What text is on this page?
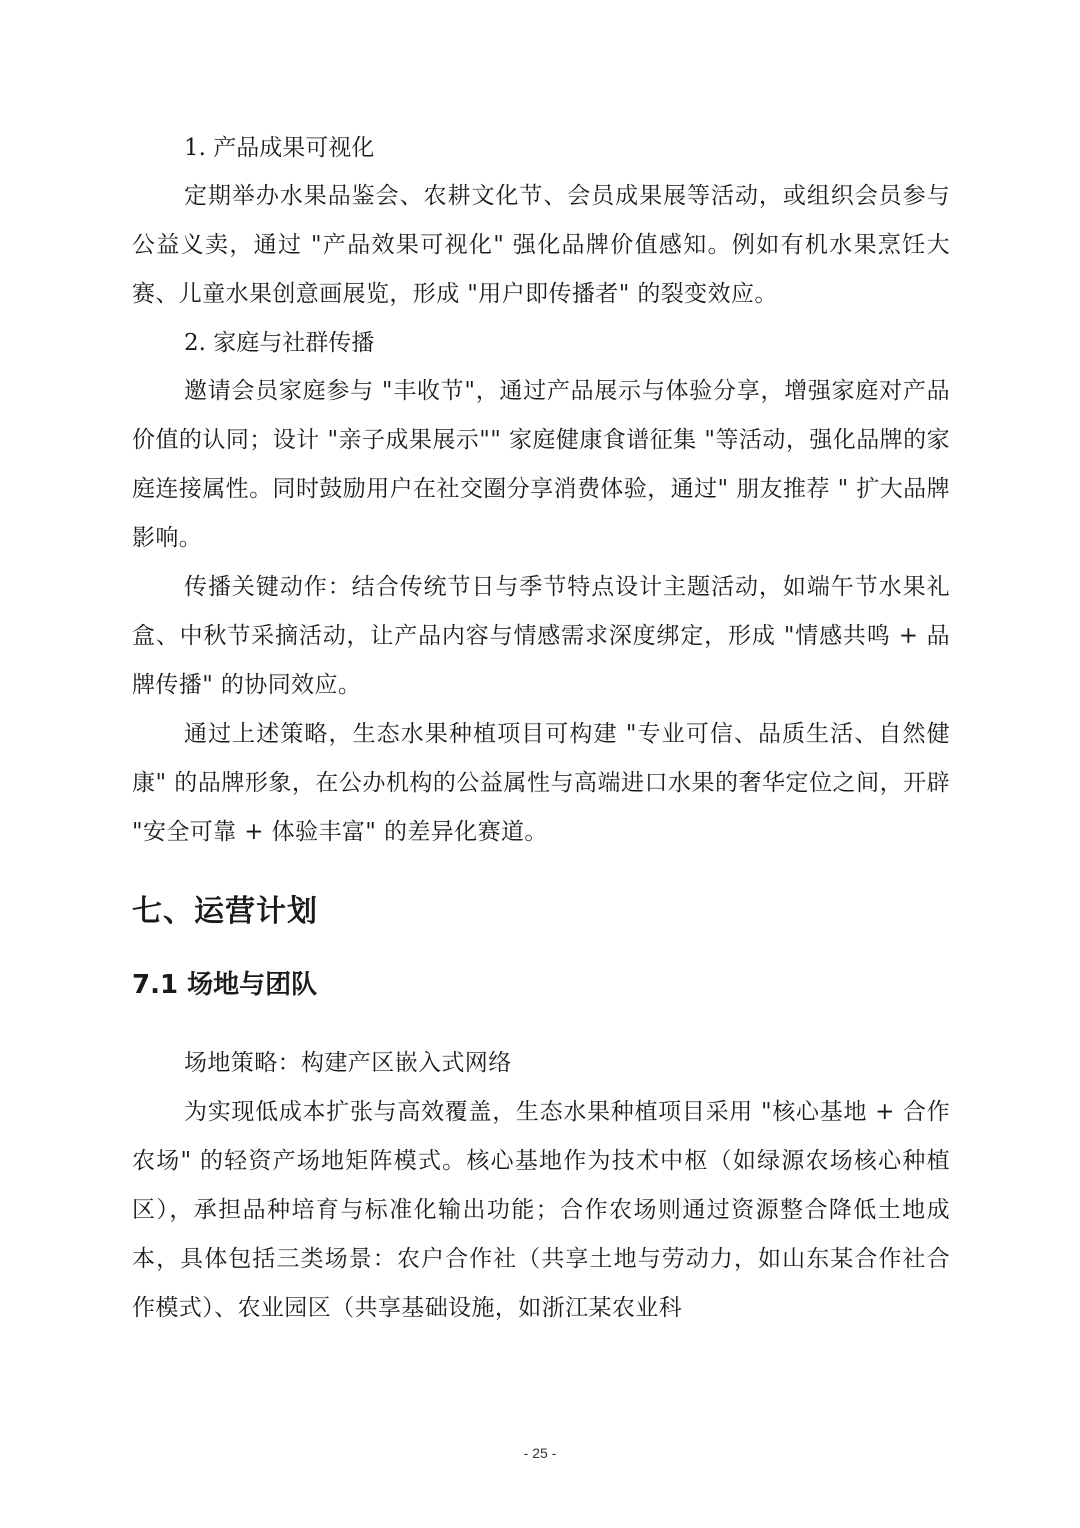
1. 产品成果可视化

定期举办水果品鉴会、农耕文化节、会员成果展等活动，或组织会员参与公益义卖，通过 "产品效果可视化" 强化品牌价值感知。例如有机水果烹饪大赛、儿童水果创意画展览，形成 "用户即传播者" 的裂变效应。

2. 家庭与社群传播

邀请会员家庭参与 "丰收节"，通过产品展示与体验分享，增强家庭对产品价值的认同；设计 "亲子成果展示"" 家庭健康食谱征集 "等活动，强化品牌的家庭连接属性。同时鼓励用户在社交圈分享消费体验，通过" 朋友推荐 " 扩大品牌影响。

传播关键动作：结合传统节日与季节特点设计主题活动，如端午节水果礼盒、中秋节采摘活动，让产品内容与情感需求深度绑定，形成 "情感共鸣 + 品牌传播" 的协同效应。

通过上述策略，生态水果种植项目可构建 "专业可信、品质生活、自然健康" 的品牌形象，在公办机构的公益属性与高端进口水果的奢华定位之间，开辟 "安全可靠 + 体验丰富" 的差异化赛道。

七、运营计划
7.1 场地与团队

场地策略：构建产区嵌入式网络

为实现低成本扩张与高效覆盖，生态水果种植项目采用 "核心基地 + 合作农场" 的轻资产场地矩阵模式。核心基地作为技术中枢（如绿源农场核心种植区），承担品种培育与标准化输出功能；合作农场则通过资源整合降低土地成本，具体包括三类场景：农户合作社（共享土地与劳动力，如山东某合作社合作模式）、农业园区（共享基础设施，如浙江某农业科

- 25 -
